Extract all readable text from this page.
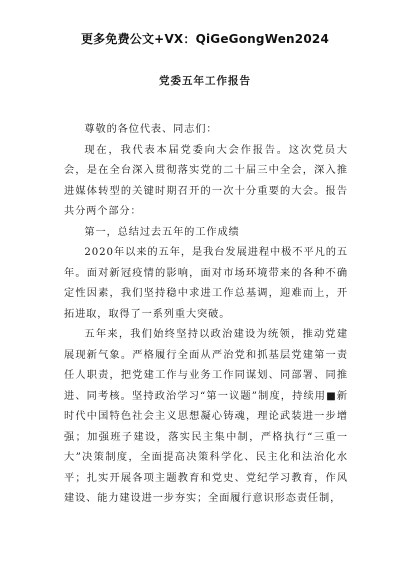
更多免费公文+VX：QiGeGongWen2024
党委五年工作报告

尊敬的各位代表、同志们：

现在，我代表本届党委向大会作报告。这次党员大会，是在全台深入贯彻落实党的二十届三中全会，深入推进媒体转型的关键时期召开的一次十分重要的大会。报告共分两个部分：

第一，总结过去五年的工作成绩

2020年以来的五年，是我台发展进程中极不平凡的五年。面对新冠疫情的影响，面对市场环境带来的各种不确定性因素，我们坚持稳中求进工作总基调，迎难而上，开拓进取，取得了一系列重大突破。

五年来，我们始终坚持以政治建设为统领，推动党建展现新气象。严格履行全面从严治党和抓基层党建第一责任人职责，把党建工作与业务工作同谋划、同部署、同推进、同考核。坚持政治学习“第一议题”制度，持续用■新时代中国特色社会主义思想凝心铸魂，理论武装进一步增强；加强班子建设，落实民主集中制，严格执行“三重一大”决策制度，全面提高决策科学化、民主化和法治化水平；扎实开展各项主题教育和党史、党纪学习教育，作风建设、能力建设进一步夯实；全面履行意识形态责任制，
